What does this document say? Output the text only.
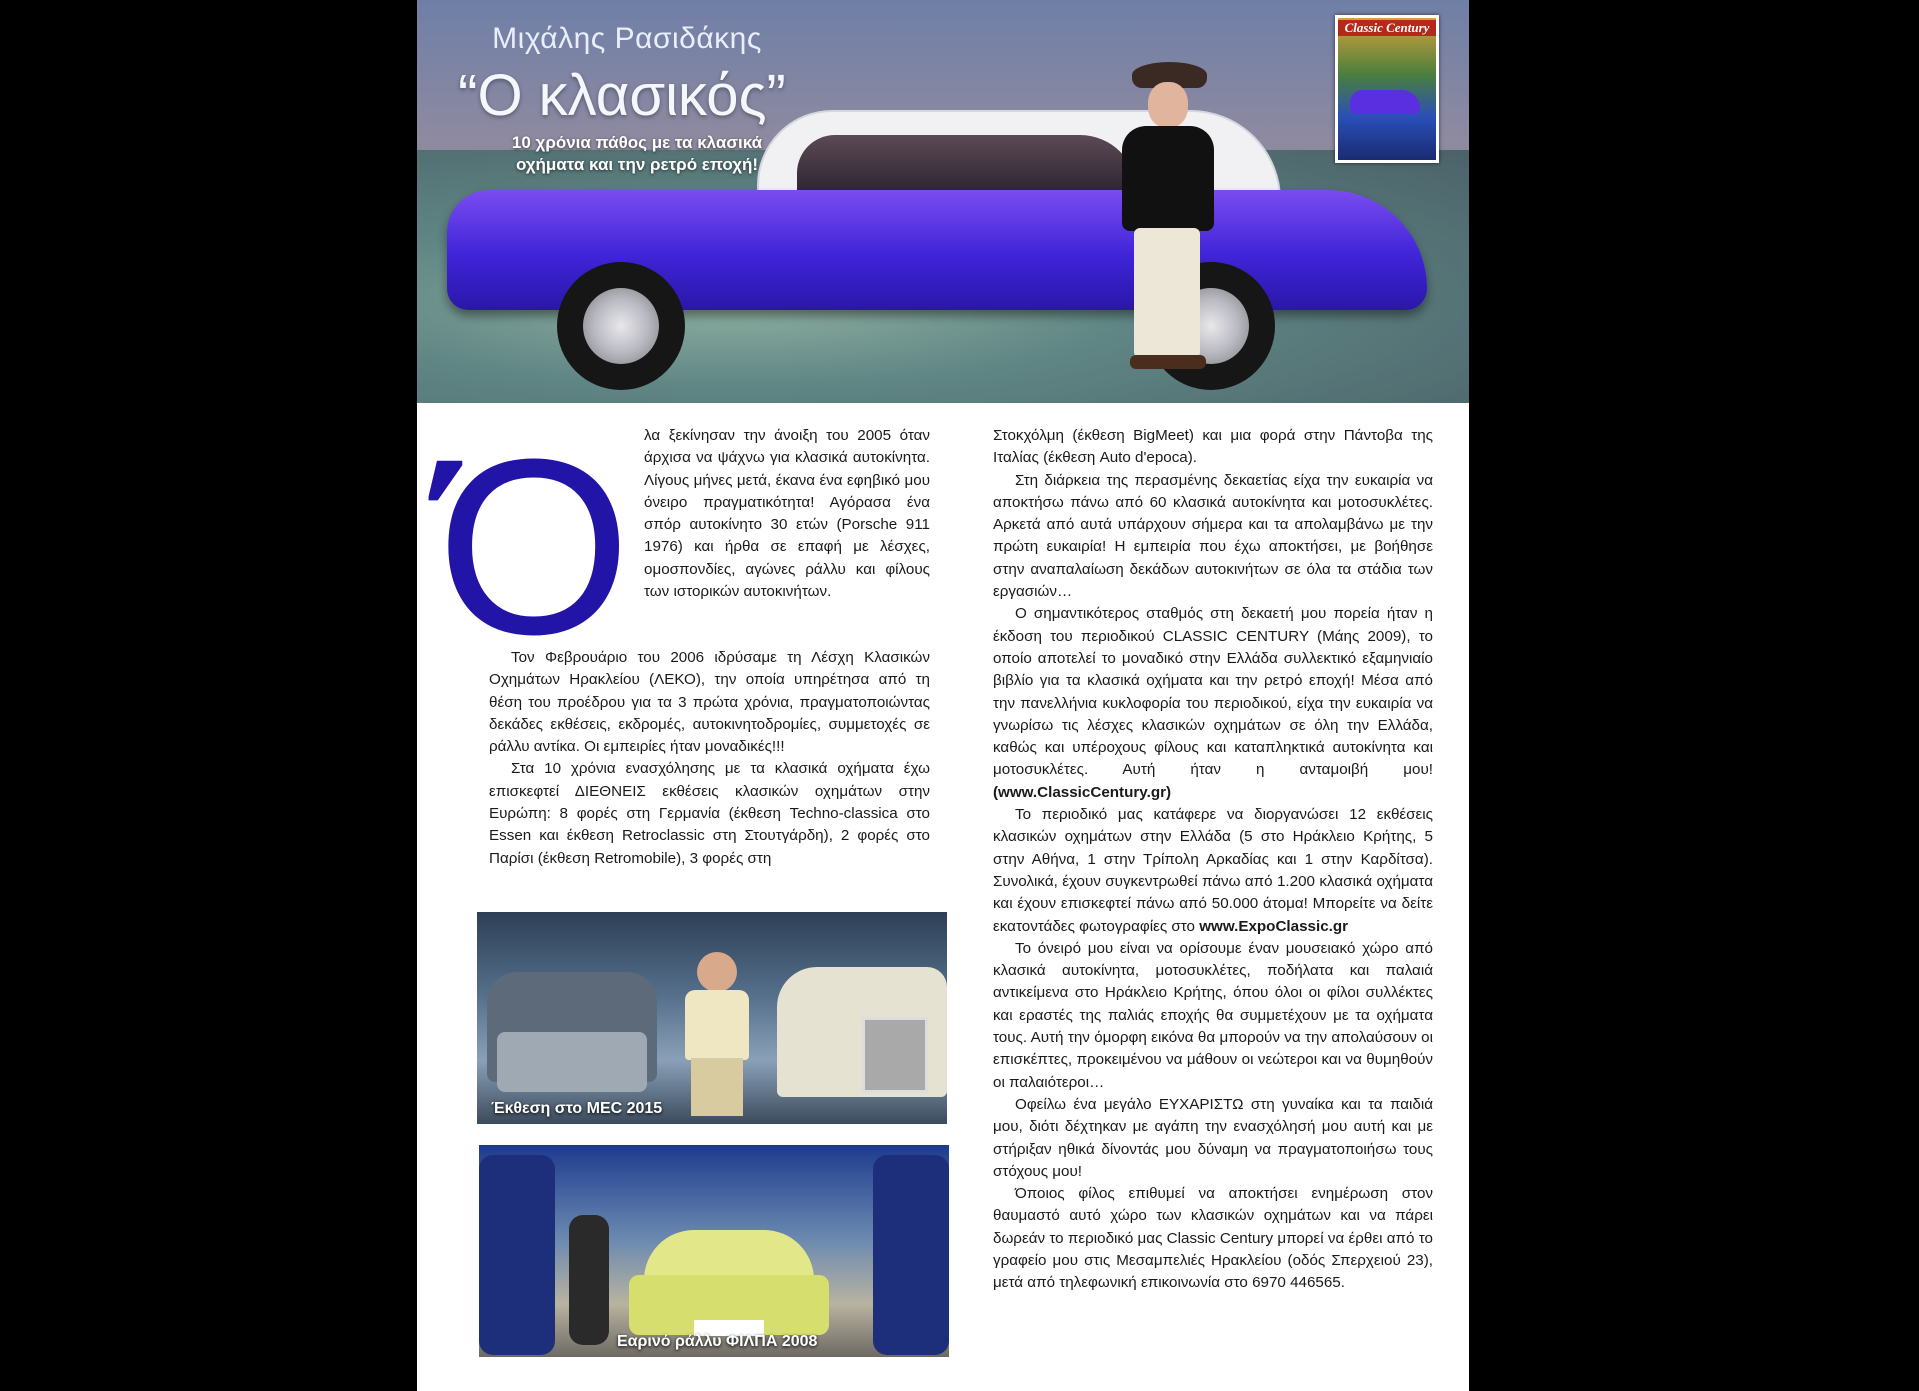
Μιχάλης Ρασιδάκης
“Ο κλασικός”
10 χρόνια πάθος με τα κλασικά οχήματα και την ρετρό εποχή!
Classic Century
Ό λα ξεκίνησαν την άνοιξη του 2005 όταν άρχισα να ψάχνω για κλασικά αυτοκίνητα. Λίγους μήνες μετά, έκανα ένα εφηβικό μου όνειρο πραγματικότητα! Αγόρασα ένα σπόρ αυτοκίνητο 30 ετών (Porsche 911 1976) και ήρθα σε επαφή με λέσχες, ομοσπονδίες, αγώνες ράλλυ και φίλους των ιστορικών αυτοκινήτων.

Τον Φεβρουάριο του 2006 ιδρύσαμε τη Λέσχη Κλασικών Οχημάτων Ηρακλείου (ΛΕΚΟ), την οποία υπηρέτησα από τη θέση του προέδρου για τα 3 πρώτα χρόνια, πραγματοποιώντας δεκάδες εκθέσεις, εκδρομές, αυτοκινητοδρομίες, συμμετοχές σε ράλλυ αντίκα. Οι εμπειρίες ήταν μοναδικές!!!

Στα 10 χρόνια ενασχόλησης με τα κλασικά οχήματα έχω επισκεφτεί ΔΙΕΘΝΕΙΣ εκθέσεις κλασικών οχημάτων στην Ευρώπη: 8 φορές στη Γερμανία (έκθεση Techno-classica στο Essen και έκθεση Retroclassic στη Στουτγάρδη), 2 φορές στο Παρίσι (έκθεση Retromobile), 3 φορές στη

Στοκχόλμη (έκθεση BigMeet) και μια φορά στην Πάντοβα της Ιταλίας (έκθεση Auto d'epoca).

Στη διάρκεια της περασμένης δεκαετίας είχα την ευκαιρία να αποκτήσω πάνω από 60 κλασικά αυτοκίνητα και μοτοσυκλέτες. Αρκετά από αυτά υπάρχουν σήμερα και τα απολαμβάνω με την πρώτη ευκαιρία! Η εμπειρία που έχω αποκτήσει, με βοήθησε στην αναπαλαίωση δεκάδων αυτοκινήτων σε όλα τα στάδια των εργασιών…

Ο σημαντικότερος σταθμός στη δεκαετή μου πορεία ήταν η έκδοση του περιοδικού CLASSIC CENTURY (Μάης 2009), το οποίο αποτελεί το μοναδικό στην Ελλάδα συλλεκτικό εξαμηνιαίο βιβλίο για τα κλασικά οχήματα και την ρετρό εποχή! Μέσα από την πανελλήνια κυκλοφορία του περιοδικού, είχα την ευκαιρία να γνωρίσω τις λέσχες κλασικών οχημάτων σε όλη την Ελλάδα, καθώς και υπέροχους φίλους και καταπληκτικά αυτοκίνητα και μοτοσυκλέτες. Αυτή ήταν η ανταμοιβή μου! (www.ClassicCentury.gr)

Το περιοδικό μας κατάφερε να διοργανώσει 12 εκθέσεις κλασικών οχημάτων στην Ελλάδα (5 στο Ηράκλειο Κρήτης, 5 στην Αθήνα, 1 στην Τρίπολη Αρκαδίας και 1 στην Καρδίτσα). Συνολικά, έχουν συγκεντρωθεί πάνω από 1.200 κλασικά οχήματα και έχουν επισκεφτεί πάνω από 50.000 άτομα! Μπορείτε να δείτε εκατοντάδες φωτογραφίες στο www.ExpoClassic.gr

Το όνειρό μου είναι να ορίσουμε έναν μουσειακό χώρο από κλασικά αυτοκίνητα, μοτοσυκλέτες, ποδήλατα και παλαιά αντικείμενα στο Ηράκλειο Κρήτης, όπου όλοι οι φίλοι συλλέκτες και εραστές της παλιάς εποχής θα συμμετέχουν με τα οχήματα τους. Αυτή την όμορφη εικόνα θα μπορούν να την απολαύσουν οι επισκέπτες, προκειμένου να μάθουν οι νεώτεροι και να θυμηθούν οι παλαιότεροι…

Οφείλω ένα μεγάλο ΕΥΧΑΡΙΣΤΩ στη γυναίκα και τα παιδιά μου, διότι δέχτηκαν με αγάπη την ενασχόλησή μου αυτή και με στήριξαν ηθικά δίνοντάς μου δύναμη να πραγματοποιήσω τους στόχους μου!

Όποιος φίλος επιθυμεί να αποκτήσει ενημέρωση στον θαυμαστό αυτό χώρο των κλασικών οχημάτων και να πάρει δωρεάν το περιοδικό μας Classic Century μπορεί να έρθει από το γραφείο μου στις Μεσαμπελιές Ηρακλείου (οδός Σπερχειού 23), μετά από τηλεφωνική επικοινωνία στο 6970 446565.

Έκθεση στο MEC 2015
Εαρινό ράλλυ ΦΙΛΠΑ 2008
